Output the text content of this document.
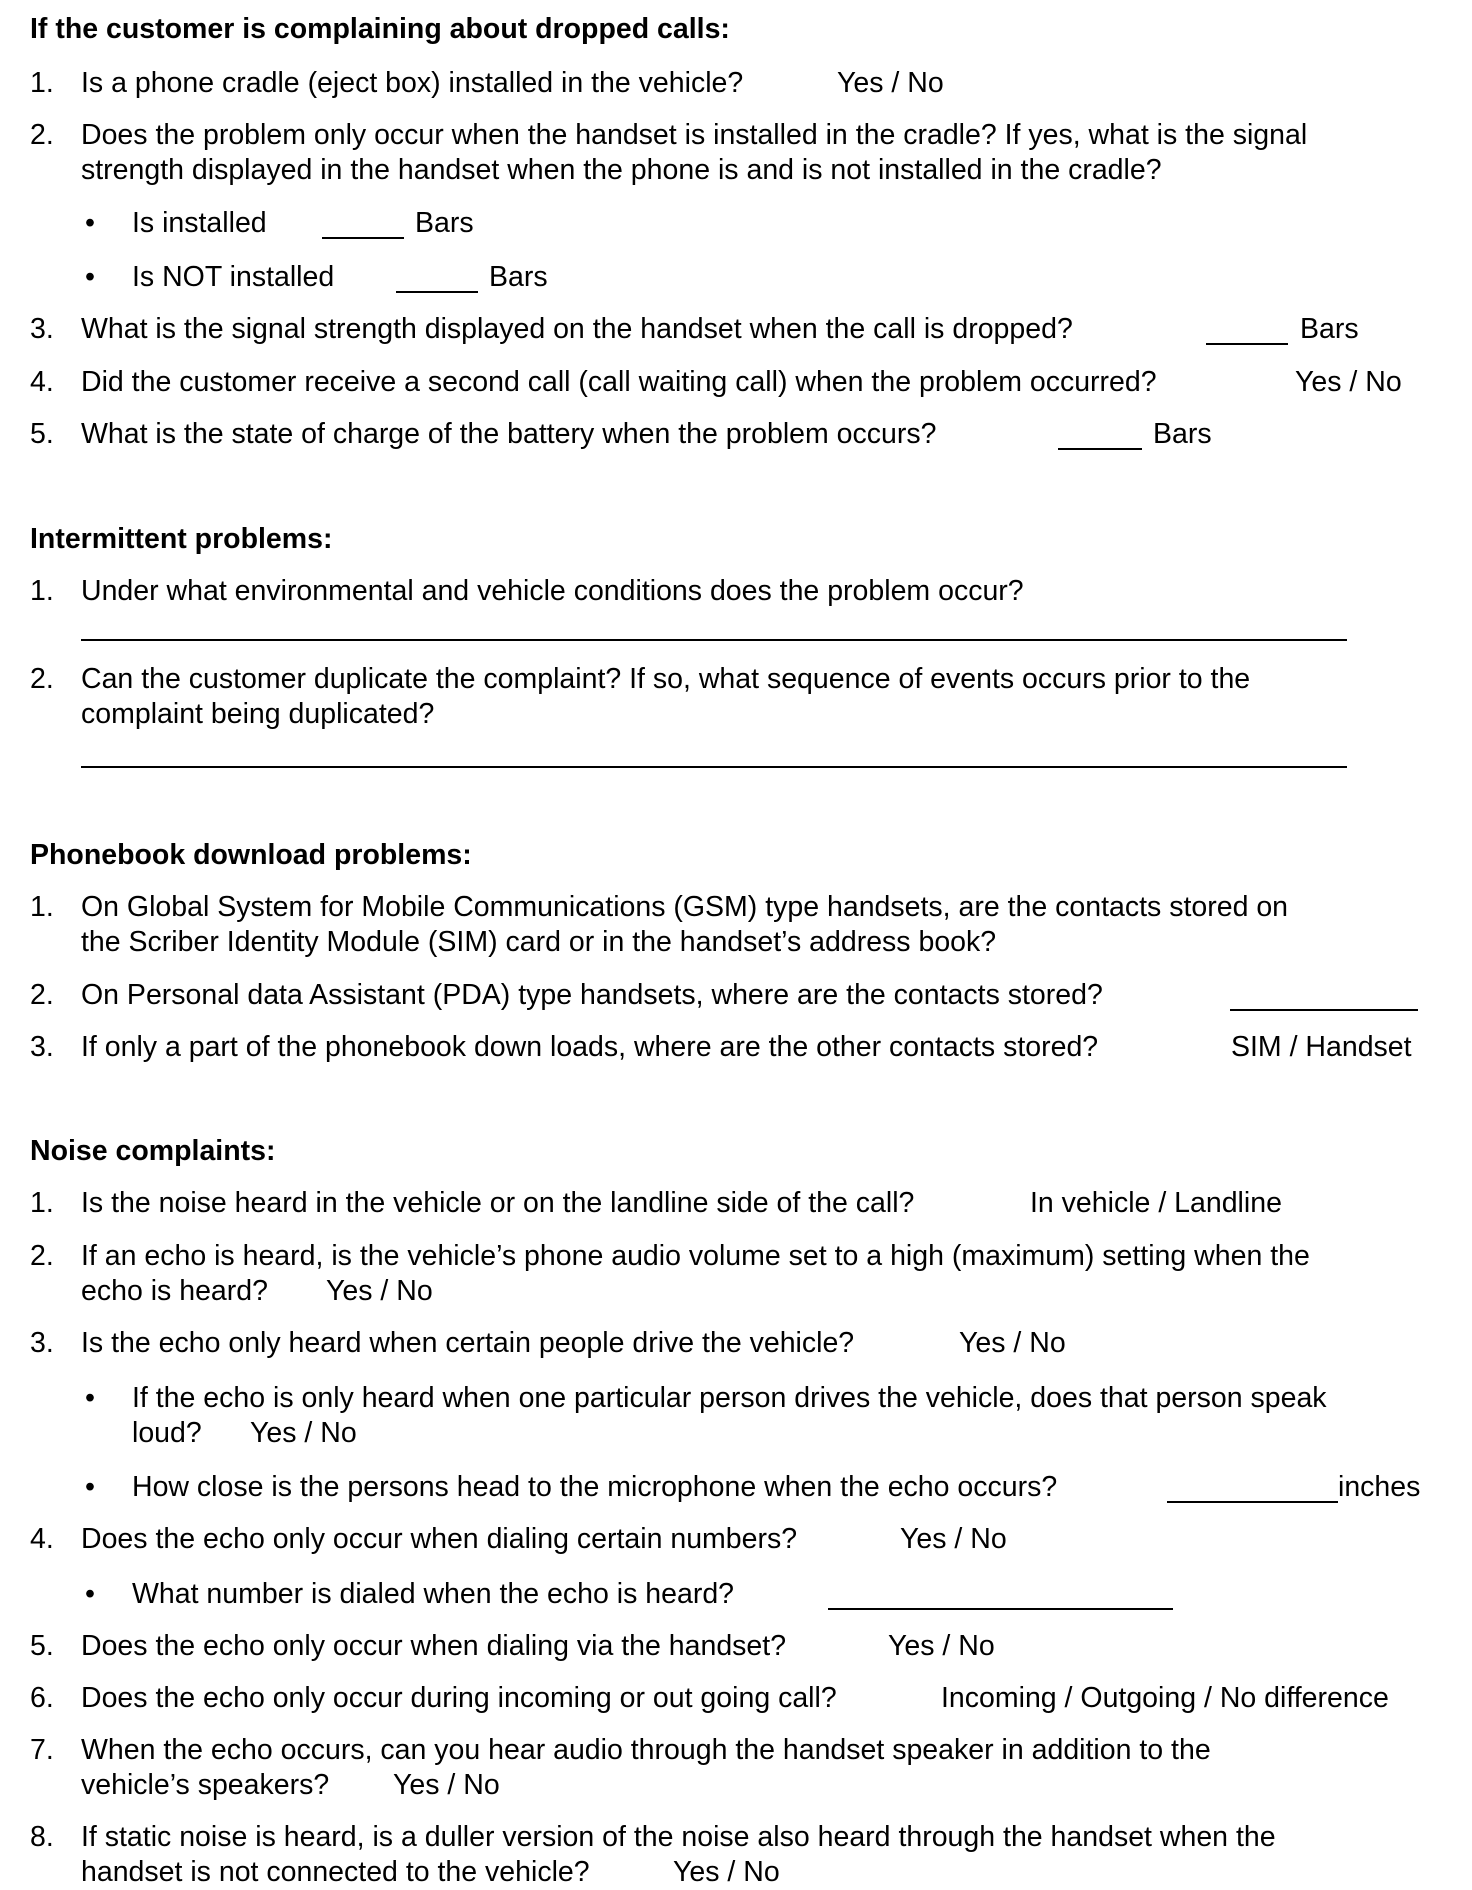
If the customer is complaining about dropped calls:
1. Is a phone cradle (eject box) installed in the vehicle?	Yes / No
2. Does the problem only occur when the handset is installed in the cradle? If yes, what is the signal
strength displayed in the handset when the phone is and is not installed in the cradle?
•	Is installed	Bars
•	Is NOT installed	Bars
3. What is the signal strength displayed on the handset when the call is dropped?	Bars
4. Did the customer receive a second call (call waiting call) when the problem occurred?	Yes / No
5. What is the state of charge of the battery when the problem occurs?	Bars
Intermittent problems:
1. Under what environmental and vehicle conditions does the problem occur?
2. Can the customer duplicate the complaint? If so, what sequence of events occurs prior to the
complaint being duplicated?
Phonebook download problems:
1. On Global System for Mobile Communications (GSM) type handsets, are the contacts stored on
the Scriber Identity Module (SIM) card or in the handset’s address book?
2. On Personal data Assistant (PDA) type handsets, where are the contacts stored?
3. If only a part of the phonebook down loads, where are the other contacts stored?	SIM / Handset
Noise complaints:
1. Is the noise heard in the vehicle or on the landline side of the call?	In vehicle / Landline
2. If an echo is heard, is the vehicle’s phone audio volume set to a high (maximum) setting when the
echo is heard? Yes / No
3. Is the echo only heard when certain people drive the vehicle?	Yes / No
•	If the echo is only heard when one particular person drives the vehicle, does that person speak
loud? Yes / No
•	How close is the persons head to the microphone when the echo occurs?	inches
4. Does the echo only occur when dialing certain numbers?	Yes / No
•	What number is dialed when the echo is heard?
5. Does the echo only occur when dialing via the handset?	Yes / No
6. Does the echo only occur during incoming or out going call?	Incoming / Outgoing / No difference
7. When the echo occurs, can you hear audio through the handset speaker in addition to the
vehicle’s speakers? Yes / No
8. If static noise is heard, is a duller version of the noise also heard through the handset when the
handset is not connected to the vehicle?	Yes / No
